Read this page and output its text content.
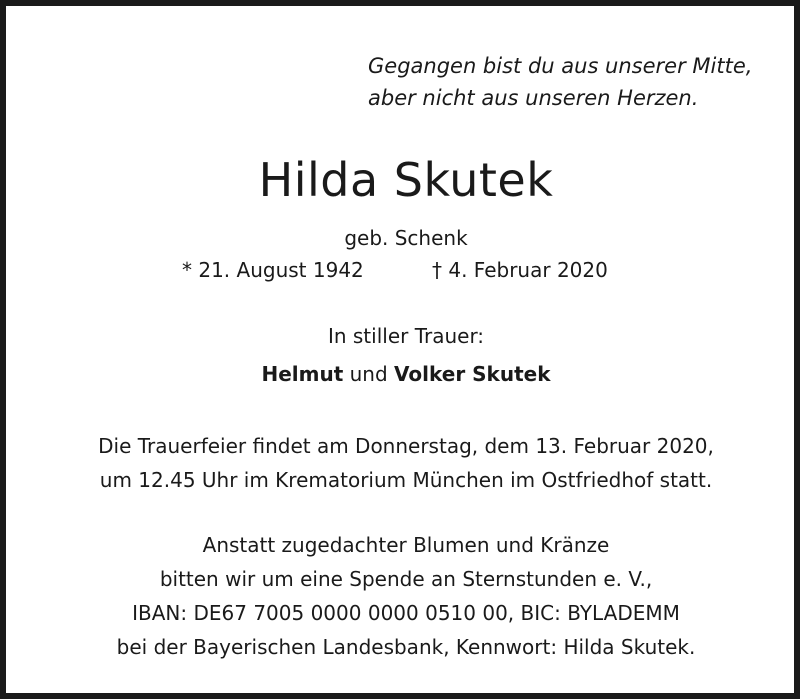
Gegangen bist du aus unserer Mitte,
aber nicht aus unseren Herzen.
Hilda Skutek
geb. Schenk
* 21. August 1942	† 4. Februar 2020
In stiller Trauer:
Helmut und Volker Skutek
Die Trauerfeier findet am Donnerstag, dem 13. Februar 2020,
um 12.45 Uhr im Krematorium München im Ostfriedhof statt.
Anstatt zugedachter Blumen und Kränze
bitten wir um eine Spende an Sternstunden e. V.,
IBAN: DE67 7005 0000 0000 0510 00, BIC: BYLADEMM
bei der Bayerischen Landesbank, Kennwort: Hilda Skutek.
